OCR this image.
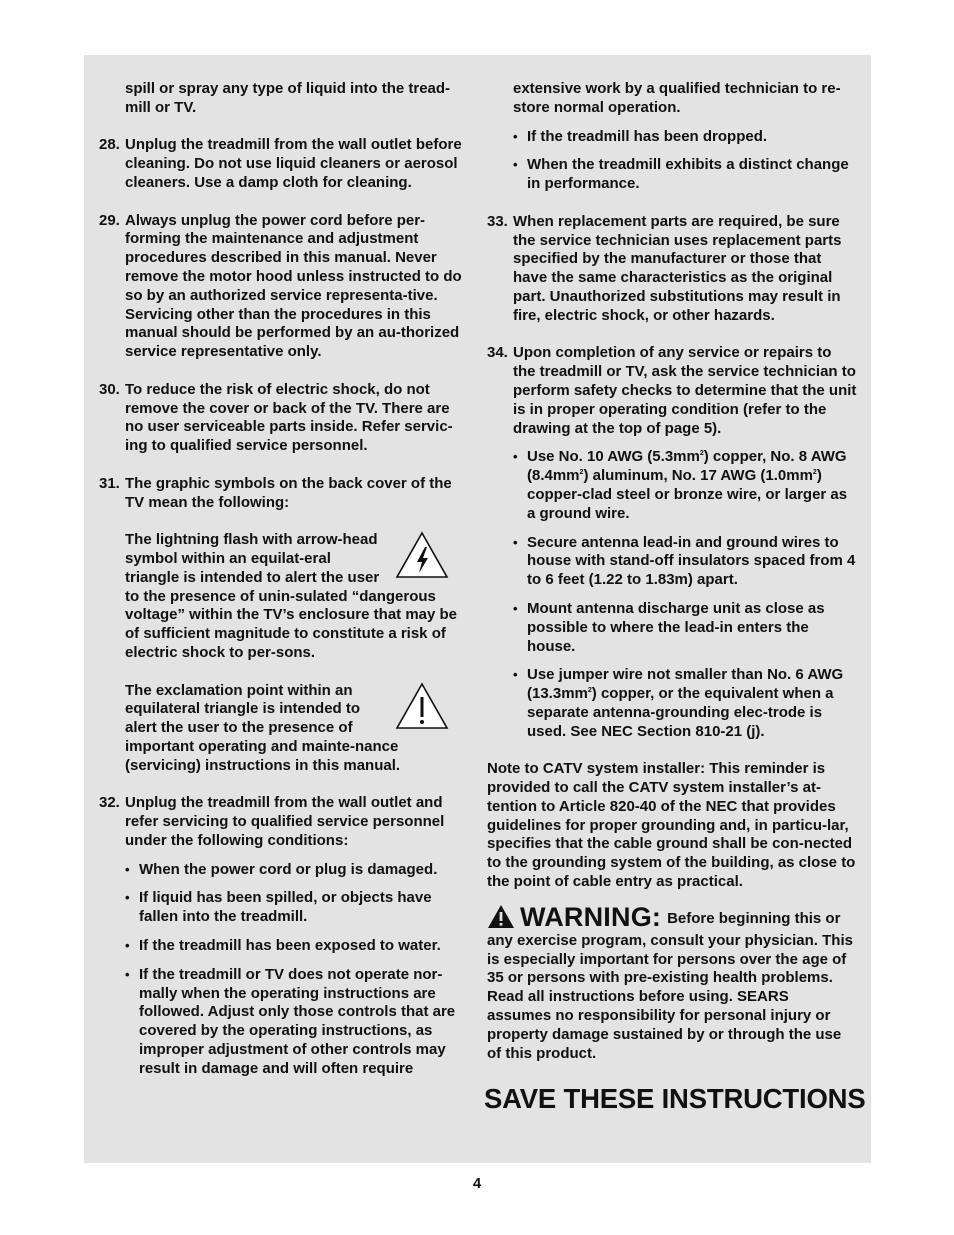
spill or spray any type of liquid into the tread-mill or TV.

28. Unplug the treadmill from the wall outlet before cleaning. Do not use liquid cleaners or aerosol cleaners. Use a damp cloth for cleaning.
29. Always unplug the power cord before per-forming the maintenance and adjustment procedures described in this manual. Never remove the motor hood unless instructed to do so by an authorized service representa-tive. Servicing other than the procedures in this manual should be performed by an au-thorized service representative only.
30. To reduce the risk of electric shock, do not remove the cover or back of the TV. There are no user serviceable parts inside. Refer servic-ing to qualified service personnel.
31. The graphic symbols on the back cover of the TV mean the following:

The lightning flash with arrow-head symbol within an equilat-eral triangle is intended to alert the user to the presence of unin-sulated “dangerous voltage” within the TV’s enclosure that may be of sufficient magnitude to constitute a risk of electric shock to per-sons.

The exclamation point within an equilateral triangle is intended to alert the user to the presence of important operating and mainte-nance (servicing) instructions in this manual.

32. Unplug the treadmill from the wall outlet and refer servicing to qualified service personnel under the following conditions:
• When the power cord or plug is damaged.
• If liquid has been spilled, or objects have fallen into the treadmill.
• If the treadmill has been exposed to water.
• If the treadmill or TV does not operate nor-mally when the operating instructions are followed. Adjust only those controls that are covered by the operating instructions, as improper adjustment of other controls may result in damage and will often require

extensive work by a qualified technician to re-store normal operation.

• If the treadmill has been dropped.
• When the treadmill exhibits a distinct change in performance.
33. When replacement parts are required, be sure the service technician uses replacement parts specified by the manufacturer or those that have the same characteristics as the original part. Unauthorized substitutions may result in fire, electric shock, or other hazards.
34. Upon completion of any service or repairs to the treadmill or TV, ask the service technician to perform safety checks to determine that the unit is in proper operating condition (refer to the drawing at the top of page 5).
• Use No. 10 AWG $(5.3mm^2)$ copper, No. 8 AWG $(8.4mm^2)$ aluminum, No. 17 AWG $(1.0mm^2)$ copper-clad steel or bronze wire, or larger as a ground wire.
• Secure antenna lead-in and ground wires to house with stand-off insulators spaced from 4 to 6 feet (1.22 to 1.83m) apart.
• Mount antenna discharge unit as close as possible to where the lead-in enters the house.
• Use jumper wire not smaller than No. 6 AWG $(13.3mm^2)$ copper, or the equivalent when a separate antenna-grounding elec-trode is used. See NEC Section 810-21 (j).

Note to CATV system installer: This reminder is provided to call the CATV system installer’s at-tention to Article 820-40 of the NEC that provides guidelines for proper grounding and, in particu-lar, specifies that the cable ground shall be con-nected to the grounding system of the building, as close to the point of cable entry as practical.

WARNING: Before beginning this or

any exercise program, consult your physician. This is especially important for persons over the age of 35 or persons with pre-existing health problems. Read all instructions before using. SEARS assumes no responsibility for personal injury or property damage sustained by or through the use of this product.

SAVE THESE INSTRUCTIONS
4
